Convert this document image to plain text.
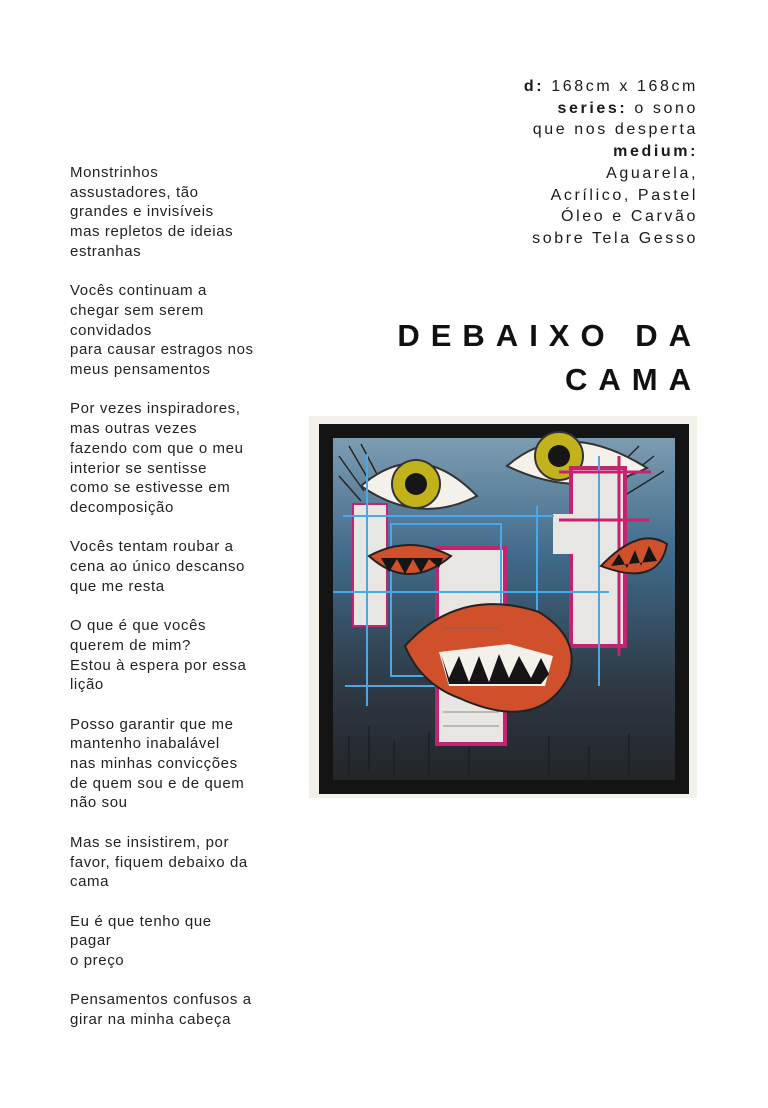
d: 168cm x 168cm
series: o sono
que nos desperta
medium:
Aguarela,
Acrílico, Pastel
Óleo e Carvão
sobre Tela Gesso
DEBAIXO DA
CAMA
Monstrinhos
assustadores, tão
grandes e invisíveis
mas repletos de ideias
estranhas
Vocês continuam a
chegar sem serem
convidados
para causar estragos nos
meus pensamentos
Por vezes inspiradores,
mas outras vezes
fazendo com que o meu
interior se sentisse
como se estivesse em
decomposição
Vocês tentam roubar a
cena ao único descanso
que me resta
O que é que vocês
querem de mim?
Estou à espera por essa
lição
Posso garantir que me
mantenho inabalável
nas minhas convicções
de quem sou e de quem
não sou
Mas se insistirem, por
favor, fiquem debaixo da
cama
Eu é que tenho que
pagar
o preço
Pensamentos confusos a
girar na minha cabeça
